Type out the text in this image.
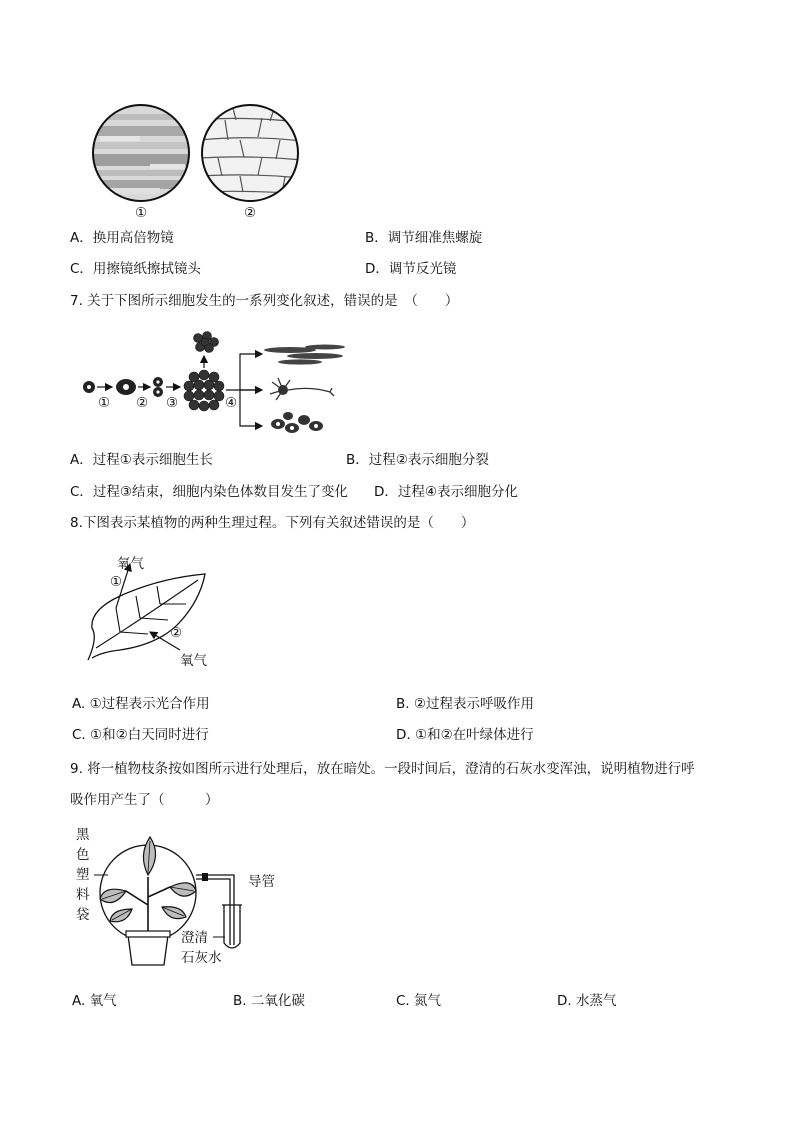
①	②
A．换用高倍物镜	B．调节细准焦螺旋
C．用擦镜纸擦拭镜头	D．调节反光镜
7. 关于下图所示细胞发生的一系列变化叙述，错误的是　（　　）
① ② ③	④
A．过程①表示细胞生长	B．过程②表示细胞分裂
C．过程③结束，细胞内染色体数目发生了变化 D．过程④表示细胞分化
8.下图表示某植物的两种生理过程。下列有关叙述错误的是（　　）
氧气
①
②
氧气
A. ①过程表示光合作用	B. ②过程表示呼吸作用
C. ①和②白天同时进行	D. ①和②在叶绿体进行
9. 将一植物枝条按如图所示进行处理后，放在暗处。一段时间后，澄清的石灰水变浑浊，说明植物进行呼
吸作用产生了（　　　）
黑
色
塑
料
袋
导管
澄清
石灰水
A. 氧气	B. 二氧化碳	C. 氮气	D. 水蒸气
